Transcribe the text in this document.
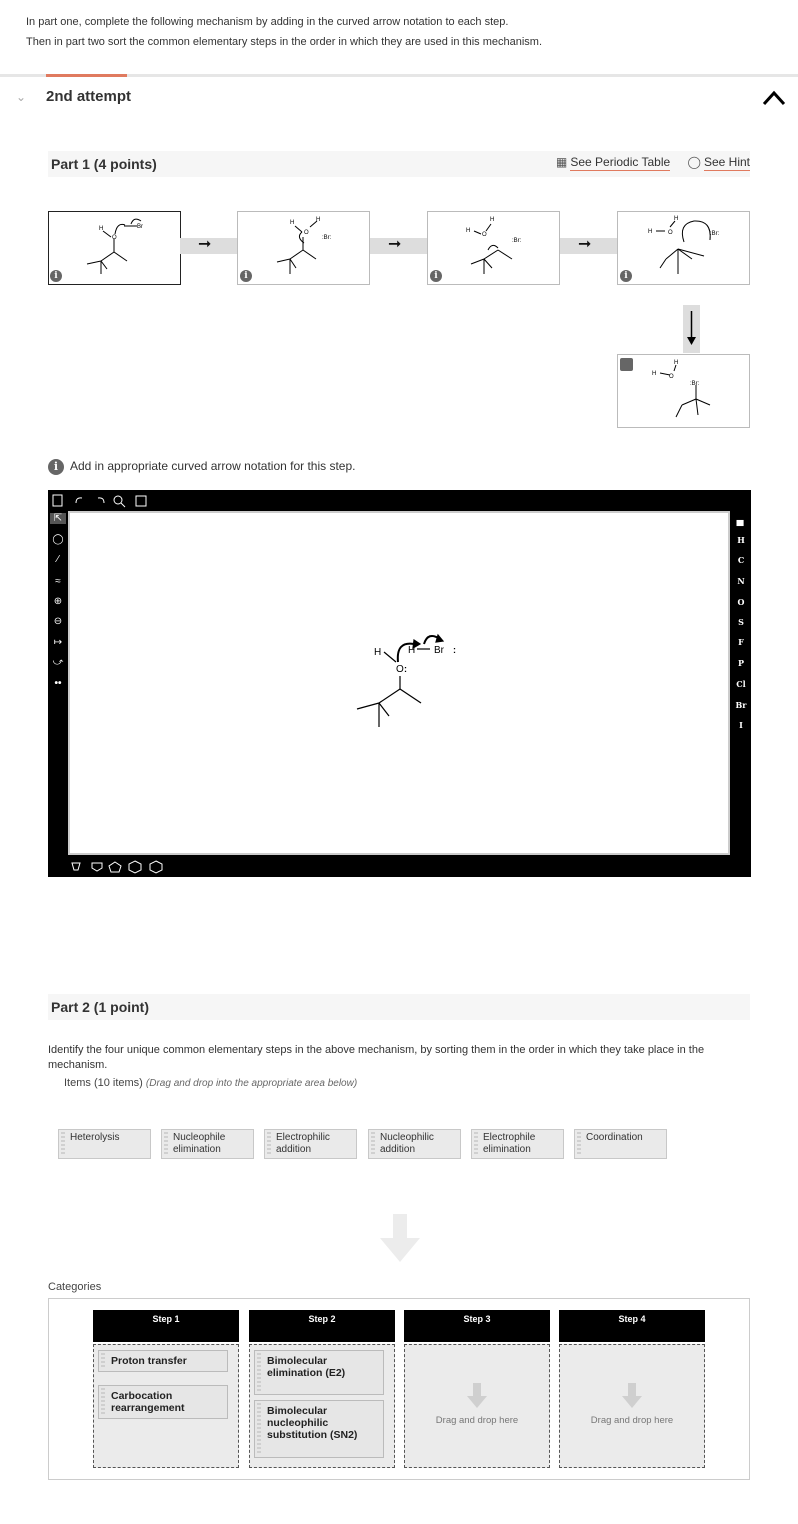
In part one, complete the following mechanism by adding in the curved arrow notation to each step.
Then in part two sort the common elementary steps in the order in which they are used in this mechanism.
⌄ 2nd attempt
Part 1 (4 points)	▦ See Periodic Table ◯ See Hint
H
O
Br
i
➞
H	H
O
:Br:
i
➞
H
H
O
:Br:
i
➞
H
H
O	:Br:
i
H
H
O
:Br:
i Add in appropriate curved arrow notation for this step.
⇱
◯
∕
≈
⊕
⊖
↦
⤻
••
H
O
H Br
:
:
▄
H
C
N
O
S
F
P
Cl
Br
I
Part 2 (1 point)
Identify the four unique common elementary steps in the above mechanism, by sorting them in the order in which they take place in the mechanism.
Items (10 items) (Drag and drop into the appropriate area below)
Heterolysis	Nucleophile elimination
Electrophilic addition
Nucleophilic addition
Electrophile elimination
Coordination
Categories
Step 1
Proton transfer
Carbocation rearrangement
Step 2
Bimolecular elimination (E2)
Bimolecular nucleophilic substitution (SN2)
Step 3
Drag and drop here
Step 4
Drag and drop here
